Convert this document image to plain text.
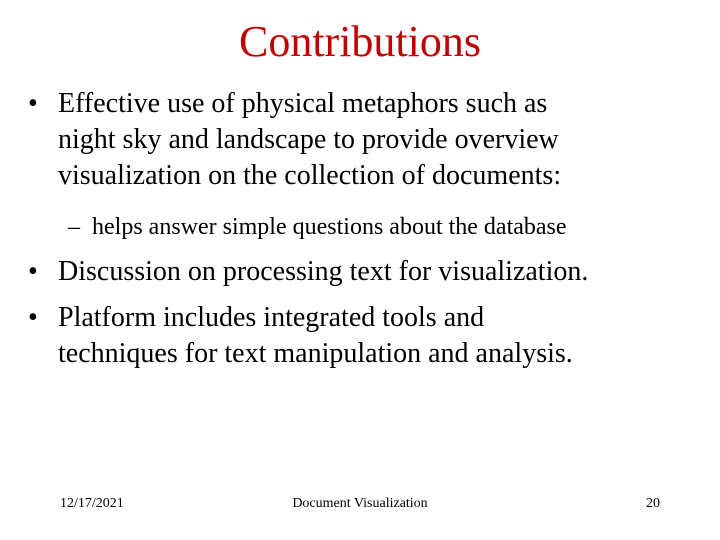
Contributions
• Effective use of physical metaphors such as
night sky and landscape to provide overview
visualization on the collection of documents:
– helps answer simple questions about the database
• Discussion on processing text for visualization.
• Platform includes integrated tools and
techniques for text manipulation and analysis.
12/17/2021	Document Visualization	20
